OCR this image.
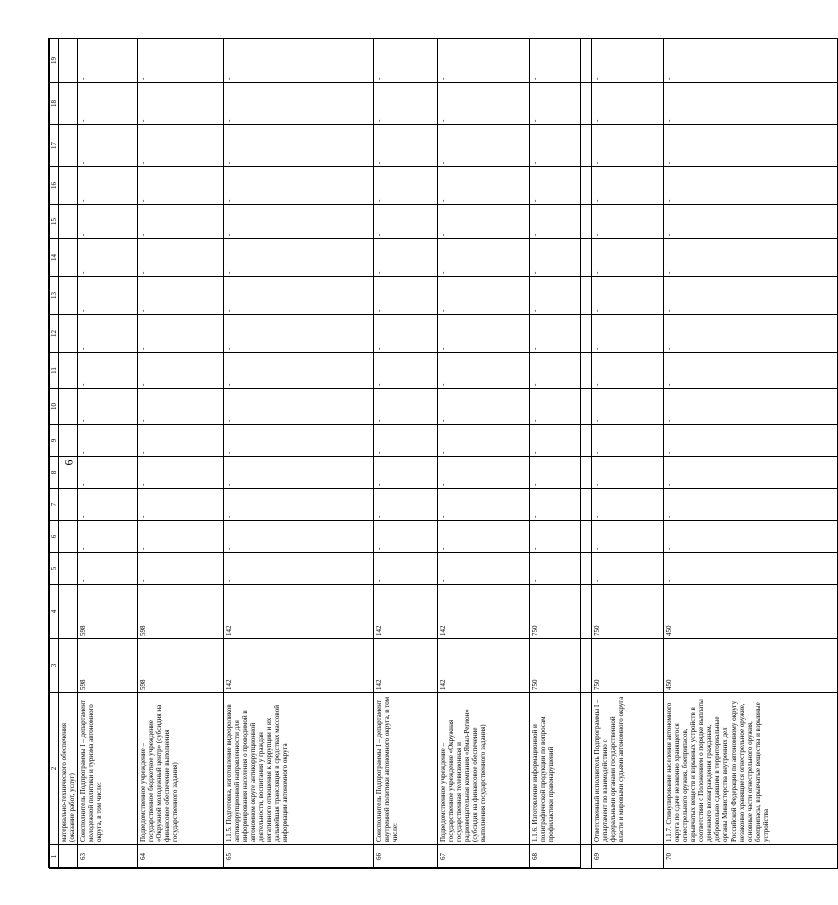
6
1	2	3	4	5	6	7	8	9	10	11	12	13	14	15	16	17	18	19
	материально-технического обеспечения (оказание работ, услуг)																	
63	Соисполнитель Подпрограммы I – департамент молодежной политики и туризма автономного округа, в том числе:	598	598	-	-	-	-	-	-	-	-	-	-	-	-	-	-	-
64	Подведомственное учреждение – государственное бюджетное учреждение «Окружной молодежный центр» (субсидия на финансовое обеспечение выполнения государственного задания)	598	598	-	-	-	-	-	-	-	-	-	-	-	-	-	-	-
65	1.1.5. Подготовка, изготовление видеороликов антикоррупционной направленности для информирования населения о проводимой в автономном округе антикоррупционной деятельности, воспитания у граждан негативного отношения к коррупции и их дальнейшая трансляция в средствах массовой информации автономного округа	142	142	-	-	-	-	-	-	-	-	-	-	-	-	-	-	-
66	Соисполнитель Подпрограммы I – департамент внутренней политики автономного округа, в том числе:	142	142	-	-	-	-	-	-	-	-	-	-	-	-	-	-	-
67	Подведомственное учреждение – государственное учреждение «Окружная государственная телевизионная и радиовещательная компания «Ямал-Регион» (субсидия на финансовое обеспечение выполнения государственного задания)	142	142	-	-	-	-	-	-	-	-	-	-	-	-	-	-	-
68	1.1.6. Изготовление информационной и полиграфической продукции по вопросам профилактики правонарушений	750	750	-	-	-	-	-	-	-	-	-	-	-	-	-	-	-
69	Ответственный исполнитель Подпрограммы I – департамент по взаимодействию с федеральными органами государственной власти и мировыми судьями автономного округа	750	750	-	-	-	-	-	-	-	-	-	-	-	-	-	-	-
70	1.1.7. Стимулирование населения автономного округа по сдаче незаконно хранящегося огнестрельного оружия, боеприпасов, взрывчатых веществ и взрывных устройств в соответствии с Положением о порядке выплаты денежного вознаграждения гражданам, добровольно сдавшим в территориальные органы Министерства внутренних дел Российской Федерации по автономному округу незаконно хранящиеся огнестрельное оружие, основные части огнестрельного оружия, боеприпасы, взрывчатые вещества и взрывные устройства	450	450	-	-	-	-	-	-	-	-	-	-	-	-	-	-	-
